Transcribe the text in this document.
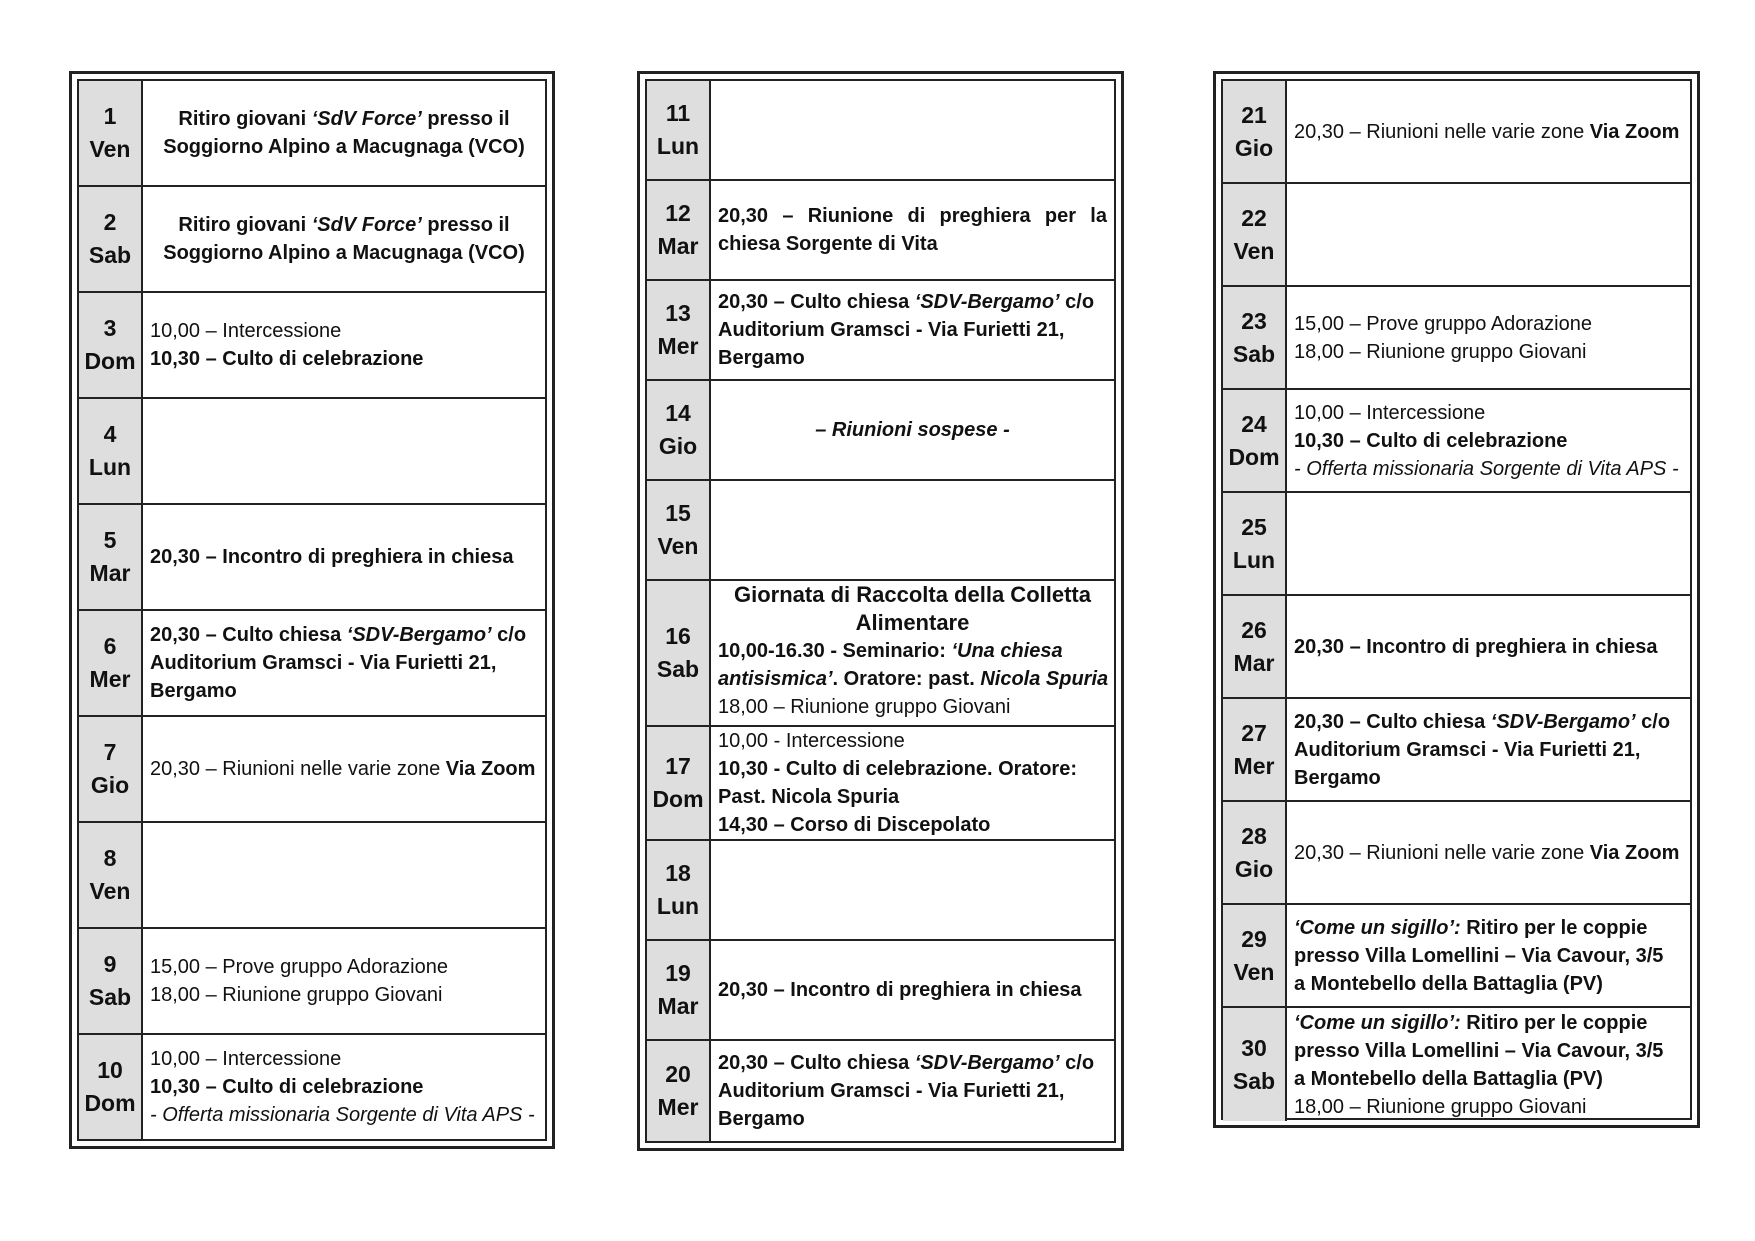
1
Ven
Ritiro giovani ‘SdV Force’ presso il
Soggiorno Alpino a Macugnaga (VCO)
2
Sab
Ritiro giovani ‘SdV Force’ presso il
Soggiorno Alpino a Macugnaga (VCO)
3
Dom
10,00 – Intercessione
10,30 – Culto di celebrazione
4
Lun
5
Mar
20,30 – Incontro di preghiera in chiesa
6
Mer
20,30 – Culto chiesa ‘SDV-Bergamo’ c/o
Auditorium Gramsci - Via Furietti 21,
Bergamo
7
Gio
20,30 – Riunioni nelle varie zone Via Zoom
8
Ven
9
Sab
15,00 – Prove gruppo Adorazione
18,00 – Riunione gruppo Giovani
10
Dom
10,00 – Intercessione
10,30 – Culto di celebrazione
- Offerta missionaria Sorgente di Vita APS -
11
Lun
12
Mar
20,30 – Riunione di preghiera per la
chiesa Sorgente di Vita
13
Mer
20,30 – Culto chiesa ‘SDV-Bergamo’ c/o
Auditorium Gramsci - Via Furietti 21,
Bergamo
14
Gio
– Riunioni sospese -
15
Ven
16
Sab
Giornata di Raccolta della Colletta
Alimentare
10,00-16.30 - Seminario: ‘Una chiesa
antisismica’. Oratore: past. Nicola Spuria
18,00 – Riunione gruppo Giovani
17
Dom
10,00 - Intercessione
10,30 - Culto di celebrazione. Oratore:
Past. Nicola Spuria
14,30 – Corso di Discepolato
18
Lun
19
Mar
20,30 – Incontro di preghiera in chiesa
20
Mer
20,30 – Culto chiesa ‘SDV-Bergamo’ c/o
Auditorium Gramsci - Via Furietti 21,
Bergamo
21
Gio
20,30 – Riunioni nelle varie zone Via Zoom
22
Ven
23
Sab
15,00 – Prove gruppo Adorazione
18,00 – Riunione gruppo Giovani
24
Dom
10,00 – Intercessione
10,30 – Culto di celebrazione
- Offerta missionaria Sorgente di Vita APS -
25
Lun
26
Mar
20,30 – Incontro di preghiera in chiesa
27
Mer
20,30 – Culto chiesa ‘SDV-Bergamo’ c/o
Auditorium Gramsci - Via Furietti 21,
Bergamo
28
Gio
20,30 – Riunioni nelle varie zone Via Zoom
29
Ven
‘Come un sigillo’: Ritiro per le coppie
presso Villa Lomellini – Via Cavour, 3/5
a Montebello della Battaglia (PV)
30
Sab
‘Come un sigillo’: Ritiro per le coppie
presso Villa Lomellini – Via Cavour, 3/5
a Montebello della Battaglia (PV)
18,00 – Riunione gruppo Giovani
